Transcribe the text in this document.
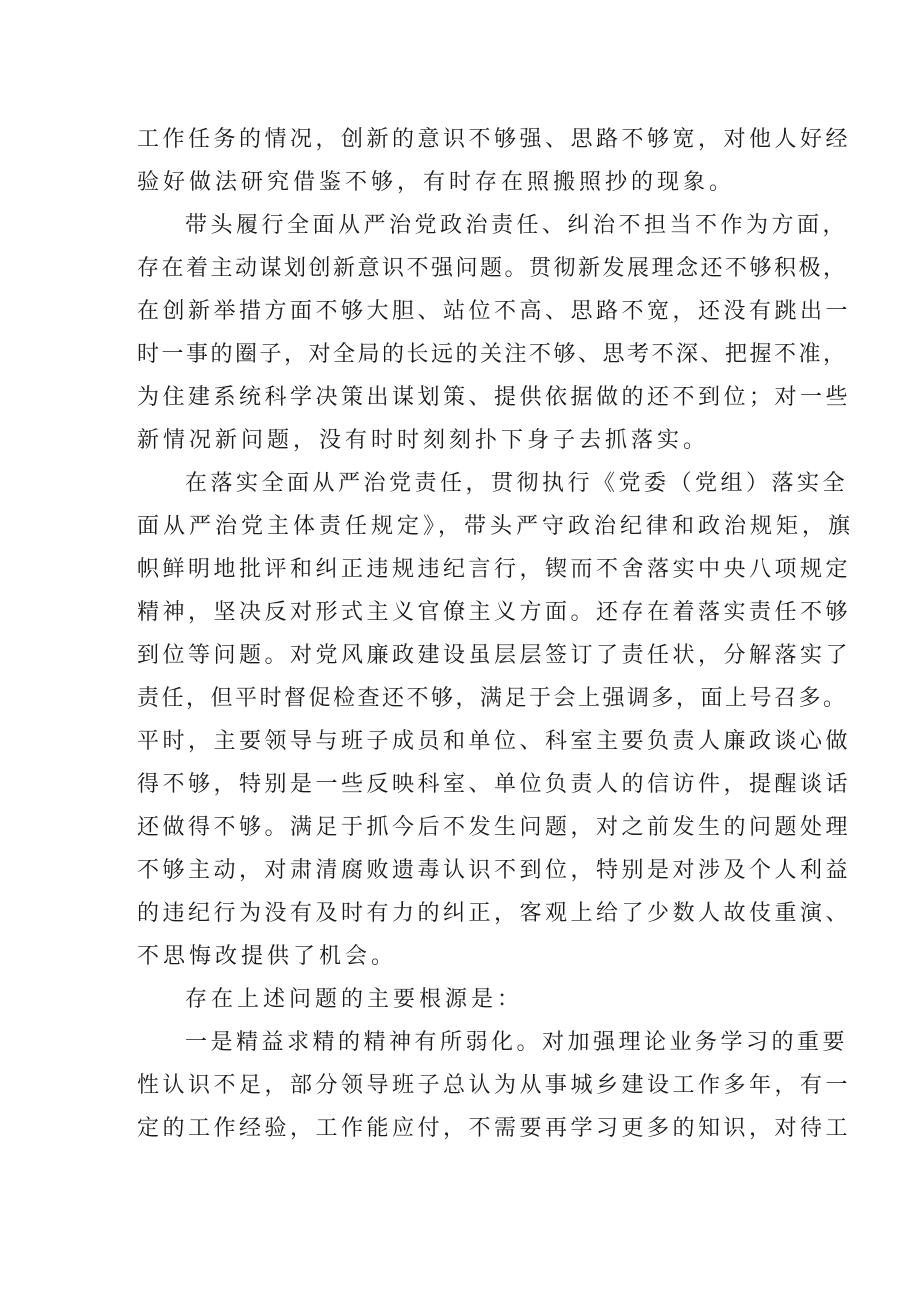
工作任务的情况，创新的意识不够强、思路不够宽，对他人好经
验好做法研究借鉴不够，有时存在照搬照抄的现象。
带头履行全面从严治党政治责任、纠治不担当不作为方面，
存在着主动谋划创新意识不强问题。贯彻新发展理念还不够积极，
在创新举措方面不够大胆、站位不高、思路不宽，还没有跳出一
时一事的圈子，对全局的长远的关注不够、思考不深、把握不准，
为住建系统科学决策出谋划策、提供依据做的还不到位；对一些
新情况新问题，没有时时刻刻扑下身子去抓落实。
在落实全面从严治党责任，贯彻执行《党委（党组）落实全
面从严治党主体责任规定》，带头严守政治纪律和政治规矩，旗
帜鲜明地批评和纠正违规违纪言行，锲而不舍落实中央八项规定
精神，坚决反对形式主义官僚主义方面。还存在着落实责任不够
到位等问题。对党风廉政建设虽层层签订了责任状，分解落实了
责任，但平时督促检查还不够，满足于会上强调多，面上号召多。
平时，主要领导与班子成员和单位、科室主要负责人廉政谈心做
得不够，特别是一些反映科室、单位负责人的信访件，提醒谈话
还做得不够。满足于抓今后不发生问题，对之前发生的问题处理
不够主动，对肃清腐败遗毒认识不到位，特别是对涉及个人利益
的违纪行为没有及时有力的纠正，客观上给了少数人故伎重演、
不思悔改提供了机会。
存在上述问题的主要根源是：
一是精益求精的精神有所弱化。对加强理论业务学习的重要
性认识不足，部分领导班子总认为从事城乡建设工作多年，有一
定的工作经验，工作能应付，不需要再学习更多的知识，对待工
